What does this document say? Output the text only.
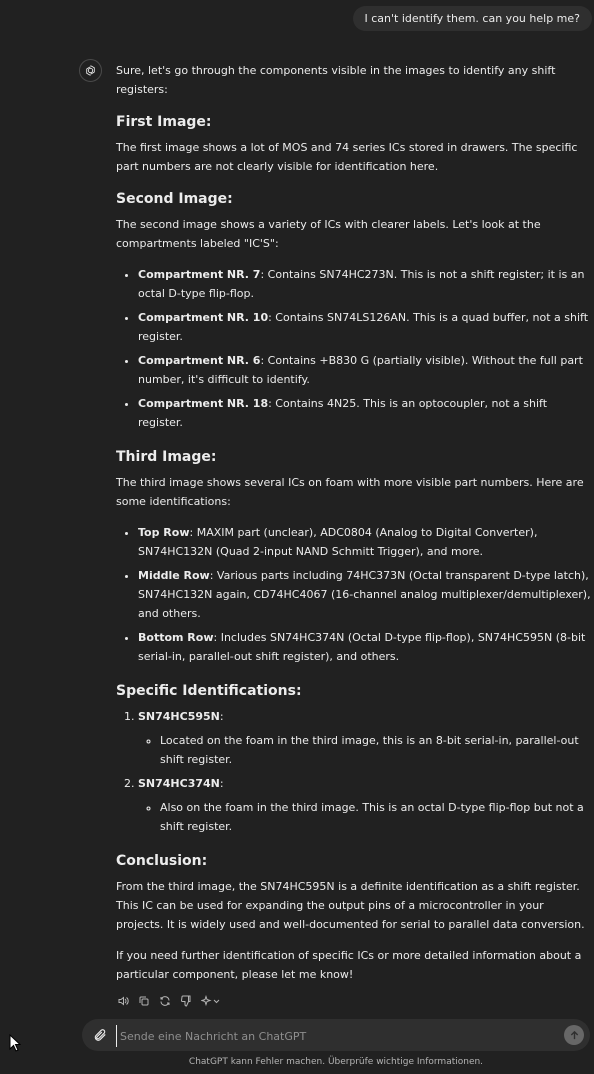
I can't identify them. can you help me?

Sure, let's go through the components visible in the images to identify any shift registers:

First Image:

The first image shows a lot of MOS and 74 series ICs stored in drawers. The specific part numbers are not clearly visible for identification here.

Second Image:

The second image shows a variety of ICs with clearer labels. Let's look at the compartments labeled "IC'S":

• Compartment NR. 7: Contains SN74HC273N. This is not a shift register; it is an octal D-type flip-flop.
• Compartment NR. 10: Contains SN74LS126AN. This is a quad buffer, not a shift register.
• Compartment NR. 6: Contains +B830 G (partially visible). Without the full part number, it's difficult to identify.
• Compartment NR. 18: Contains 4N25. This is an optocoupler, not a shift register.
Third Image:

The third image shows several ICs on foam with more visible part numbers. Here are some identifications:

• Top Row: MAXIM part (unclear), ADC0804 (Analog to Digital Converter), SN74HC132N (Quad 2-input NAND Schmitt Trigger), and more.
• Middle Row: Various parts including 74HC373N (Octal transparent D-type latch), SN74HC132N again, CD74HC4067 (16-channel analog multiplexer/demultiplexer), and others.
• Bottom Row: Includes SN74HC374N (Octal D-type flip-flop), SN74HC595N (8-bit serial-in, parallel-out shift register), and others.
Specific Identifications:
1. SN74HC595N:
◦ Located on the foam in the third image, this is an 8-bit serial-in, parallel-out shift register.
2. SN74HC374N:
◦ Also on the foam in the third image. This is an octal D-type flip-flop but not a shift register.
Conclusion:

From the third image, the SN74HC595N is a definite identification as a shift register. This IC can be used for expanding the output pins of a microcontroller in your projects. It is widely used and well-documented for serial to parallel data conversion.

If you need further identification of specific ICs or more detailed information about a particular component, please let me know!

Sende eine Nachricht an ChatGPT
ChatGPT kann Fehler machen. Überprüfe wichtige Informationen.
